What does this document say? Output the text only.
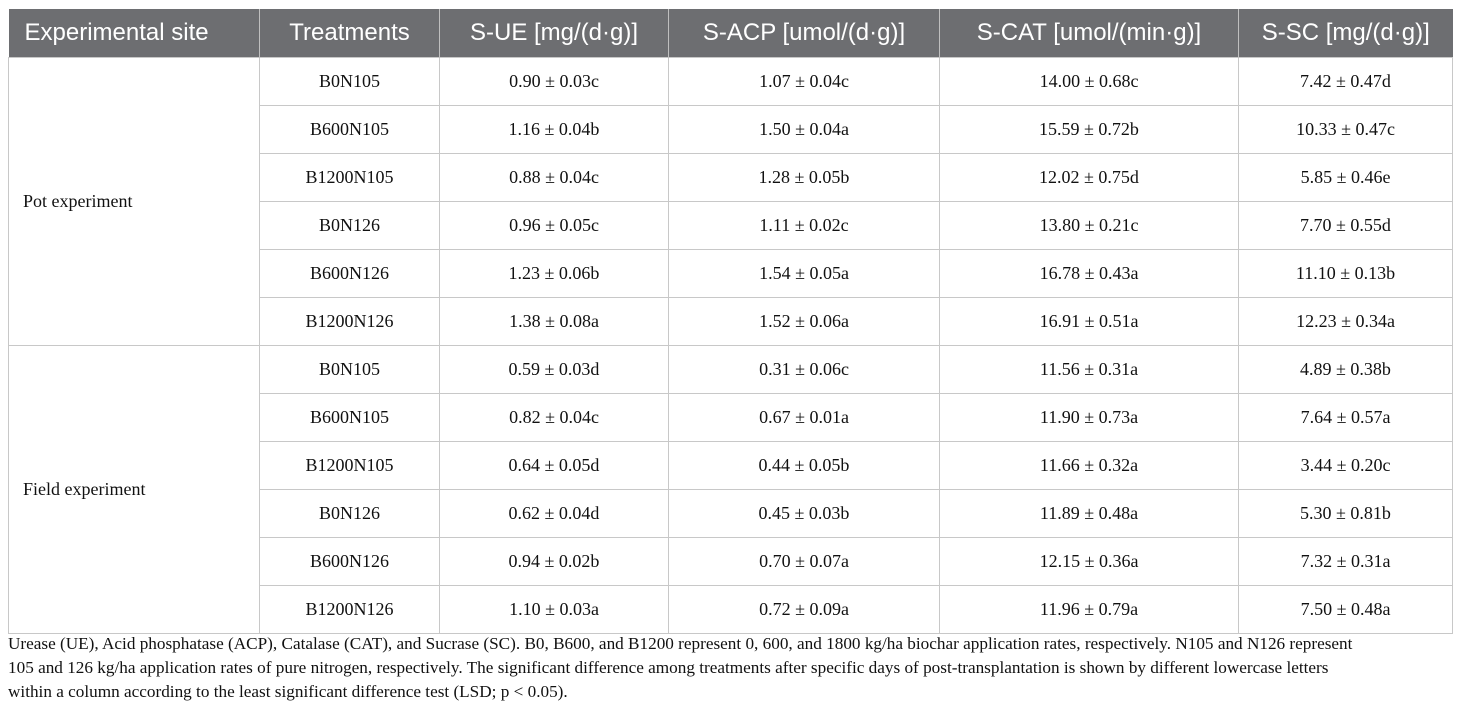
Experimental site	Treatments	S-UE [mg/(d·g)]	S-ACP [umol/(d·g)]	S-CAT [umol/(min·g)]	S-SC [mg/(d·g)]
Pot experiment	B0N105	0.90 ± 0.03c	1.07 ± 0.04c	14.00 ± 0.68c	7.42 ± 0.47d
	B600N105	1.16 ± 0.04b	1.50 ± 0.04a	15.59 ± 0.72b	10.33 ± 0.47c
	B1200N105	0.88 ± 0.04c	1.28 ± 0.05b	12.02 ± 0.75d	5.85 ± 0.46e
	B0N126	0.96 ± 0.05c	1.11 ± 0.02c	13.80 ± 0.21c	7.70 ± 0.55d
	B600N126	1.23 ± 0.06b	1.54 ± 0.05a	16.78 ± 0.43a	11.10 ± 0.13b
	B1200N126	1.38 ± 0.08a	1.52 ± 0.06a	16.91 ± 0.51a	12.23 ± 0.34a
Field experiment	B0N105	0.59 ± 0.03d	0.31 ± 0.06c	11.56 ± 0.31a	4.89 ± 0.38b
	B600N105	0.82 ± 0.04c	0.67 ± 0.01a	11.90 ± 0.73a	7.64 ± 0.57a
	B1200N105	0.64 ± 0.05d	0.44 ± 0.05b	11.66 ± 0.32a	3.44 ± 0.20c
	B0N126	0.62 ± 0.04d	0.45 ± 0.03b	11.89 ± 0.48a	5.30 ± 0.81b
	B600N126	0.94 ± 0.02b	0.70 ± 0.07a	12.15 ± 0.36a	7.32 ± 0.31a
	B1200N126	1.10 ± 0.03a	0.72 ± 0.09a	11.96 ± 0.79a	7.50 ± 0.48a

Urease (UE), Acid phosphatase (ACP), Catalase (CAT), and Sucrase (SC). B0, B600, and B1200 represent 0, 600, and 1800 kg/ha biochar application rates, respectively. N105 and N126 represent

105 and 126 kg/ha application rates of pure nitrogen, respectively. The significant difference among treatments after specific days of post-transplantation is shown by different lowercase letters

within a column according to the least significant difference test (LSD; p < 0.05).
